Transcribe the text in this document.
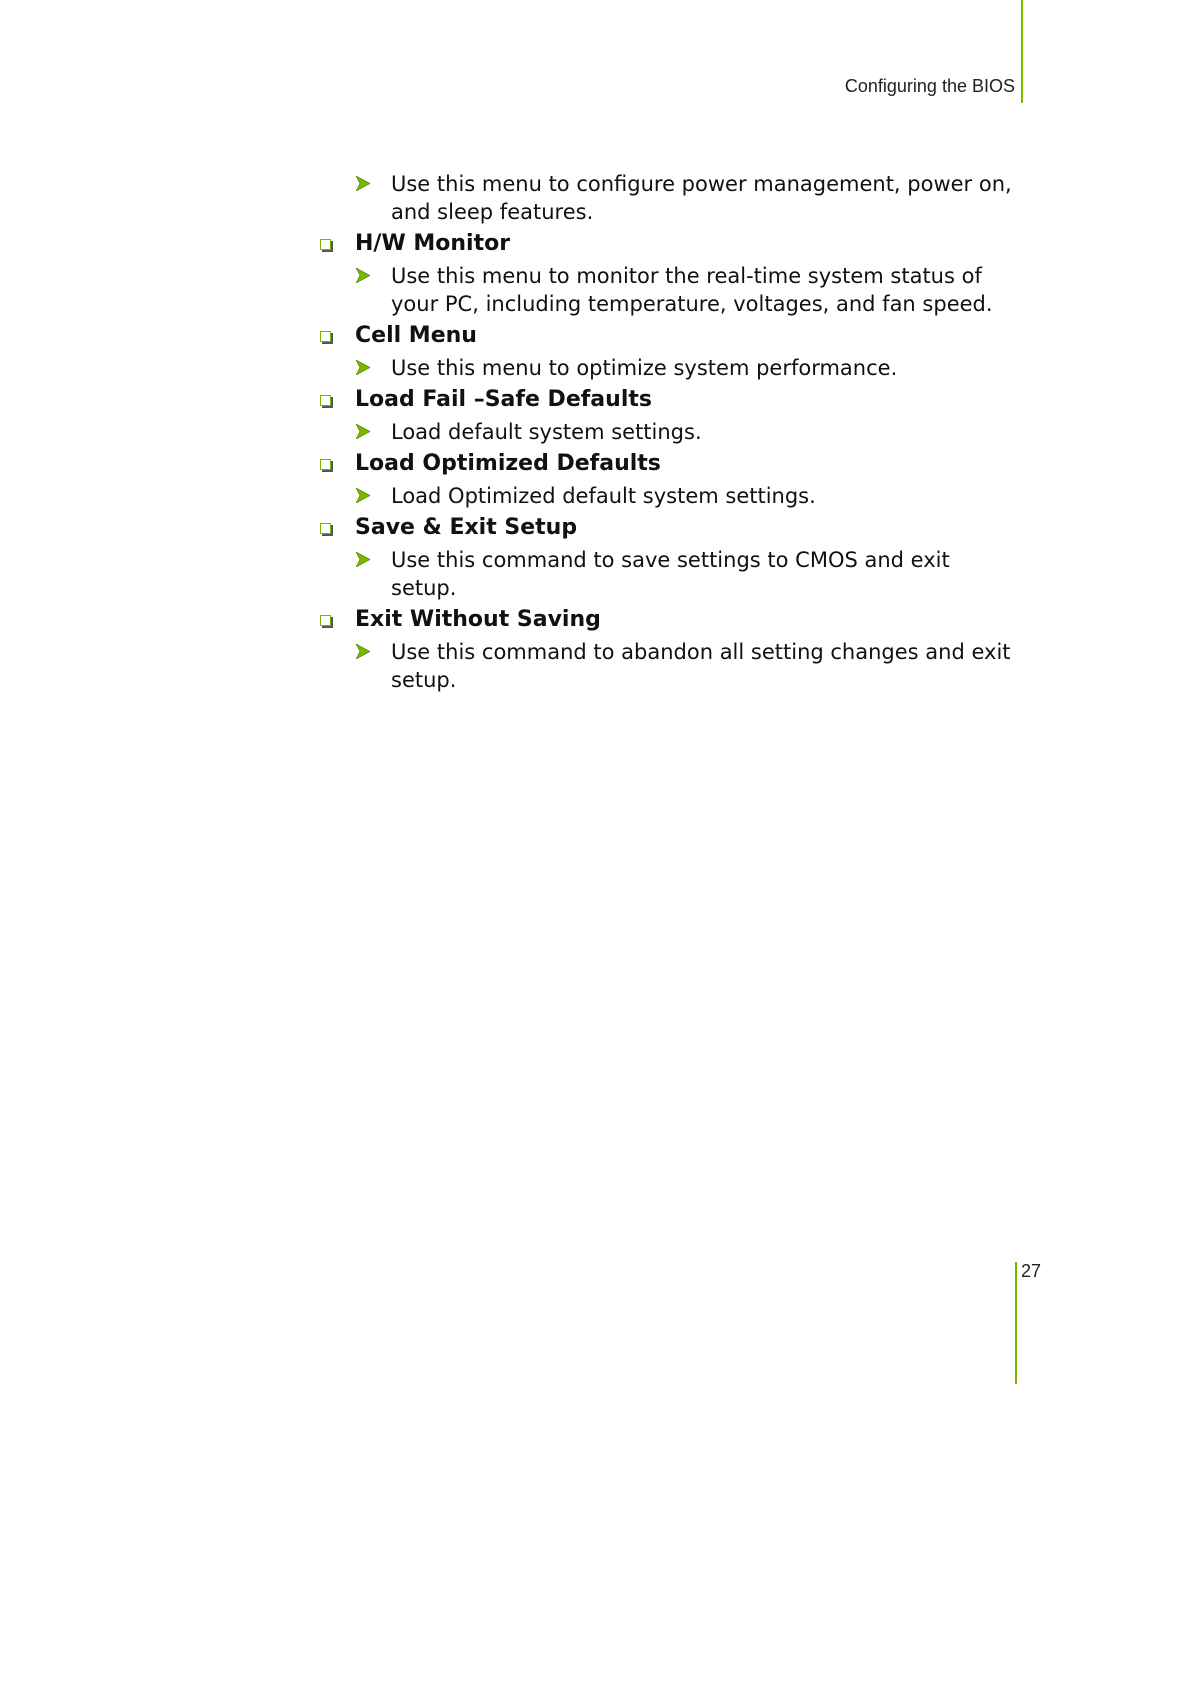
Configuring the BIOS
Use this menu to configure power management, power on, and sleep features.
H/W Monitor
Use this menu to monitor the real-time system status of your PC, including temperature, voltages, and fan speed.
Cell Menu
Use this menu to optimize system performance.
Load Fail –Safe Defaults
Load default system settings.
Load Optimized Defaults
Load Optimized default system settings.
Save & Exit Setup
Use this command to save settings to CMOS and exit setup.
Exit Without Saving
Use this command to abandon all setting changes and exit setup.
27
